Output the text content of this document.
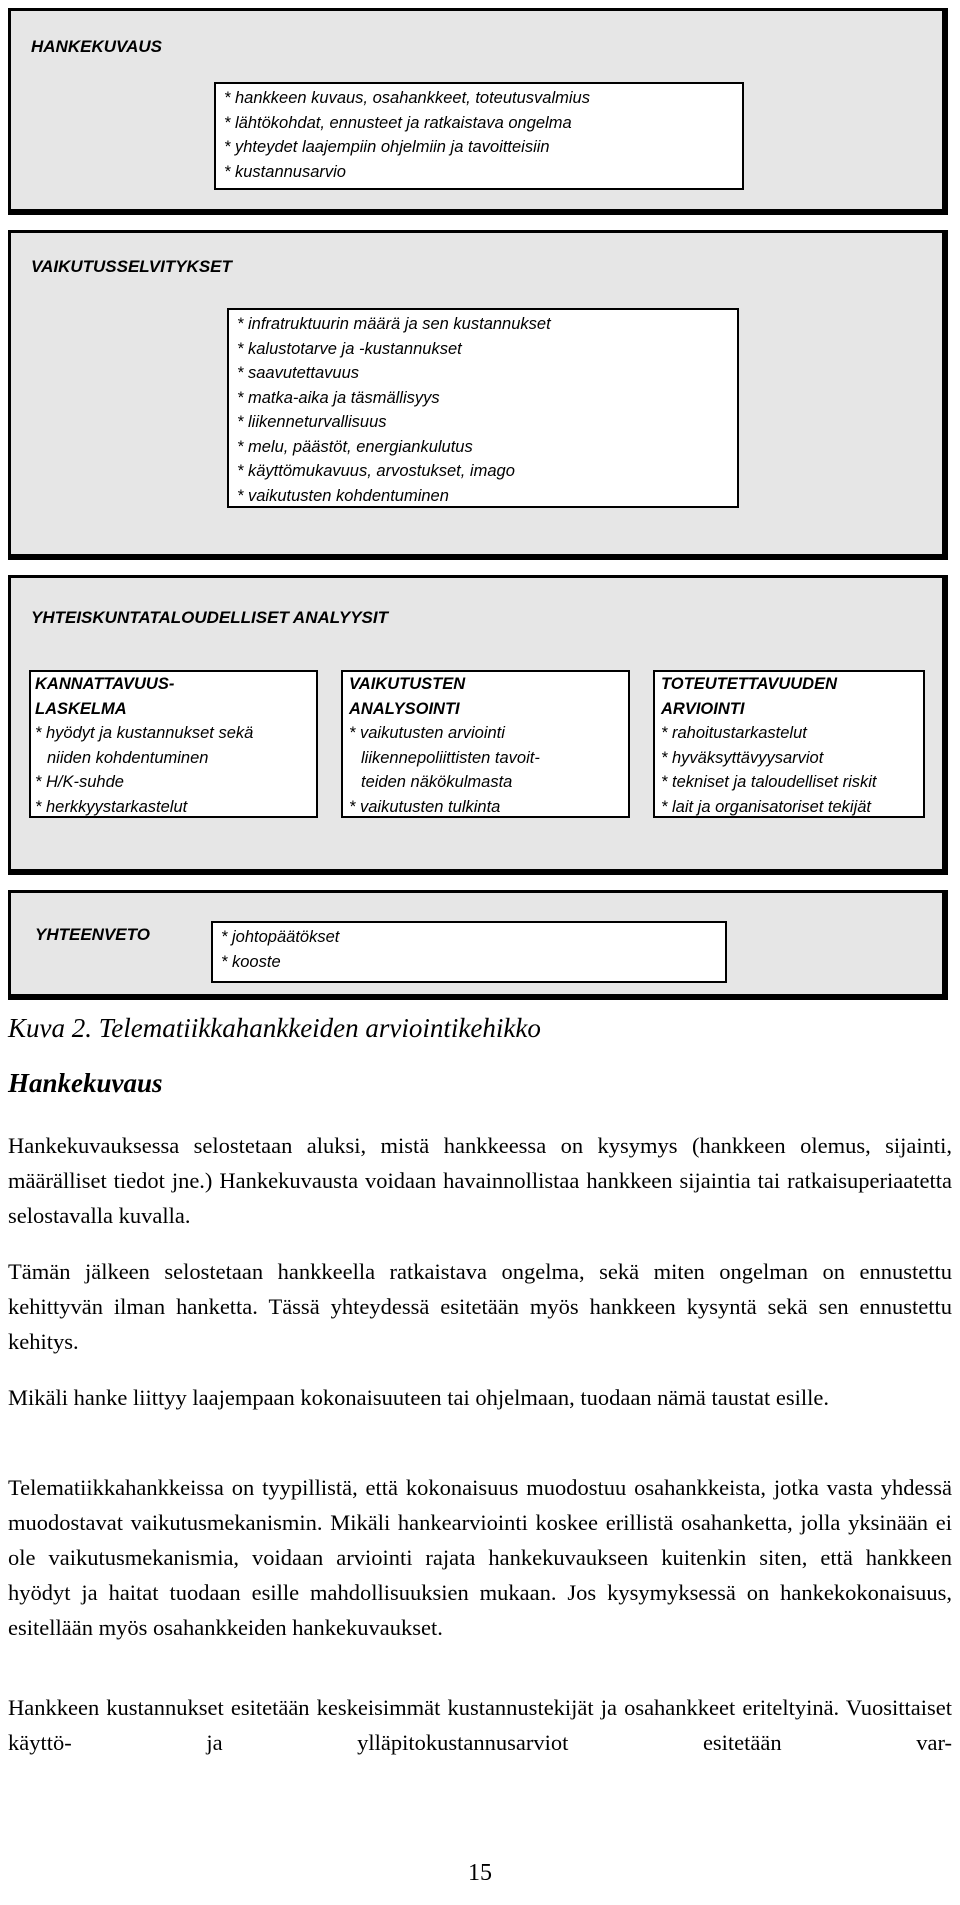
HANKEKUVAUS
* hankkeen kuvaus, osahankkeet, toteutusvalmius
* lähtökohdat, ennusteet ja ratkaistava ongelma
* yhteydet laajempiin ohjelmiin ja tavoitteisiin
* kustannusarvio
VAIKUTUSSELVITYKSET
* infratruktuurin määrä ja sen kustannukset
* kalustotarve ja -kustannukset
* saavutettavuus
* matka-aika ja täsmällisyys
* liikenneturvallisuus
* melu, päästöt, energiankulutus
* käyttömukavuus, arvostukset, imago
* vaikutusten kohdentuminen
YHTEISKUNTATALOUDELLISET ANALYYSIT
KANNATTAVUUS-
LASKELMA
* hyödyt ja kustannukset sekä
niiden kohdentuminen
* H/K-suhde
* herkkyystarkastelut
VAIKUTUSTEN
ANALYSOINTI
* vaikutusten arviointi
liikennepoliittisten tavoit-
teiden näkökulmasta
* vaikutusten tulkinta
TOTEUTETTAVUUDEN
ARVIOINTI
* rahoitustarkastelut
* hyväksyttävyysarviot
* tekniset ja taloudelliset riskit
* lait ja organisatoriset tekijät
YHTEENVETO	* johtopäätökset
* kooste
Kuva 2. Telematiikkahankkeiden arviointikehikko
Hankekuvaus

Hankekuvauksessa selostetaan aluksi, mistä hankkeessa on kysymys (hankkeen olemus, sijainti, määrälliset tiedot jne.) Hankekuvausta voidaan havainnollistaa hankkeen sijaintia tai ratkaisuperiaatetta selostavalla kuvalla.

Tämän jälkeen selostetaan hankkeella ratkaistava ongelma, sekä miten ongelman on ennustettu kehittyvän ilman hanketta. Tässä yhteydessä esitetään myös hankkeen kysyntä sekä sen ennustettu kehitys.

Mikäli hanke liittyy laajempaan kokonaisuuteen tai ohjelmaan, tuodaan nämä taustat esille.

Telematiikkahankkeissa on tyypillistä, että kokonaisuus muodostuu osahankkeista, jotka vasta yhdessä muodostavat vaikutusmekanismin. Mikäli hankearviointi koskee erillistä osahanketta, jolla yksinään ei ole vaikutusmekanismia, voidaan arviointi rajata hankekuvaukseen kuitenkin siten, että hankkeen hyödyt ja haitat tuodaan esille mahdollisuuksien mukaan. Jos kysymyksessä on hankekokonaisuus, esitellään myös osahankkeiden hankekuvaukset.

Hankkeen kustannukset esitetään keskeisimmät kustannustekijät ja osahankkeet eriteltyinä. Vuosittaiset käyttö- ja ylläpitokustannusarviot esitetään var-

15
